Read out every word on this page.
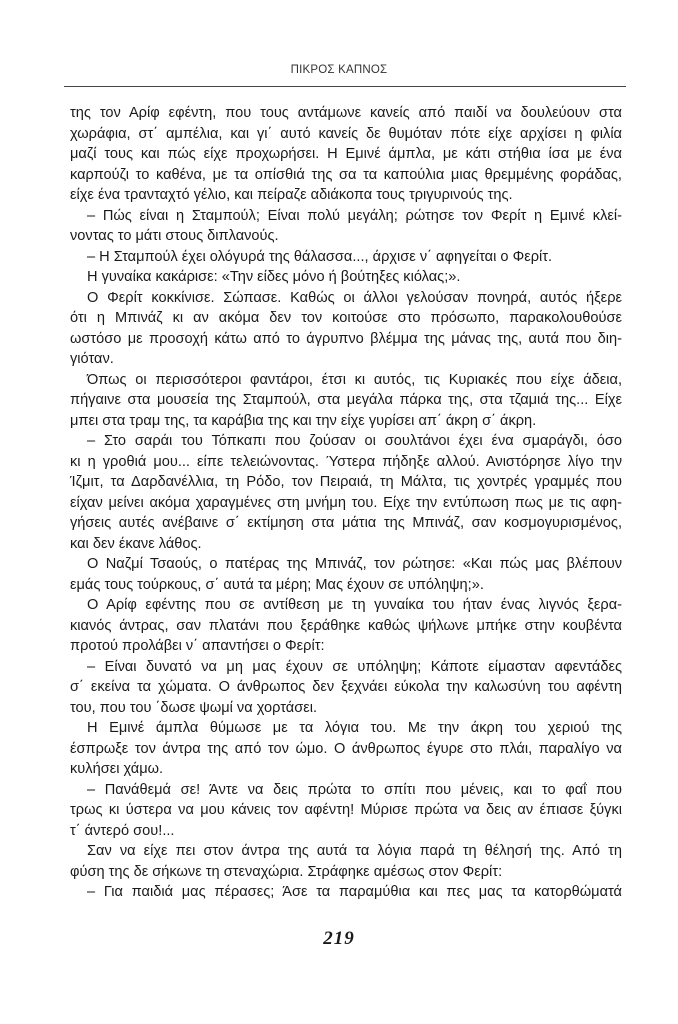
ΠΙΚΡΟΣ ΚΑΠΝΟΣ
της τον Αρίφ εφέντη, που τους αντάμωνε κανείς από παιδί να δουλεύουν στα
χωράφια, στ΄ αμπέλια, και γι΄ αυτό κανείς δε θυμόταν πότε είχε αρχίσει η φιλία
μαζί τους και πώς είχε προχωρήσει. Η Εμινέ άμπλα, με κάτι στήθια ίσα με ένα
καρπούζι το καθένα, με τα οπίσθιά της σα τα καπούλια μιας θρεμμένης φοράδας,
είχε ένα τρανταχτό γέλιο, και πείραζε αδιάκοπα τους τριγυρινούς της.
– Πώς είναι η Σταμπούλ; Είναι πολύ μεγάλη; ρώτησε τον Φερίτ η Εμινέ κλεί-
νοντας το μάτι στους διπλανούς.
– Η Σταμπούλ έχει ολόγυρά της θάλασσα..., άρχισε ν΄ αφηγείται ο Φερίτ.
Η γυναίκα κακάρισε: «Την είδες μόνο ή βούτηξες κιόλας;».
Ο Φερίτ κοκκίνισε. Σώπασε. Καθώς οι άλλοι γελούσαν πονηρά, αυτός ήξερε
ότι η Μπινάζ κι αν ακόμα δεν τον κοιτούσε στο πρόσωπο, παρακολουθούσε
ωστόσο με προσοχή κάτω από το άγρυπνο βλέμμα της μάνας της, αυτά που διη-
γιόταν.
Όπως οι περισσότεροι φαντάροι, έτσι κι αυτός, τις Κυριακές που είχε άδεια,
πήγαινε στα μουσεία της Σταμπούλ, στα μεγάλα πάρκα της, στα τζαμιά της... Είχε
μπει στα τραμ της, τα καράβια της και την είχε γυρίσει απ΄ άκρη σ΄ άκρη.
– Στο σαράι του Τόπκαπι που ζούσαν οι σουλτάνοι έχει ένα σμαράγδι, όσο
κι η γροθιά μου... είπε τελειώνοντας. Ύστερα πήδηξε αλλού. Ανιστόρησε λίγο την
Ίζμιτ, τα Δαρδανέλλια, τη Ρόδο, τον Πειραιά, τη Μάλτα, τις χοντρές γραμμές που
είχαν μείνει ακόμα χαραγμένες στη μνήμη του. Είχε την εντύπωση πως με τις αφη-
γήσεις αυτές ανέβαινε σ΄ εκτίμηση στα μάτια της Μπινάζ, σαν κοσμογυρισμένος,
και δεν έκανε λάθος.
Ο Ναζμί Τσαούς, ο πατέρας της Μπινάζ, τον ρώτησε: «Και πώς μας βλέπουν
εμάς τους τούρκους, σ΄ αυτά τα μέρη; Μας έχουν σε υπόληψη;».
Ο Αρίφ εφέντης που σε αντίθεση με τη γυναίκα του ήταν ένας λιγνός ξερα-
κιανός άντρας, σαν πλατάνι που ξεράθηκε καθώς ψήλωνε μπήκε στην κουβέντα
προτού προλάβει ν΄ απαντήσει ο Φερίτ:
– Είναι δυνατό να μη μας έχουν σε υπόληψη; Κάποτε είμασταν αφεντάδες
σ΄ εκείνα τα χώματα. Ο άνθρωπος δεν ξεχνάει εύκολα την καλωσύνη του αφέντη
του, που του ΄δωσε ψωμί να χορτάσει.
Η Εμινέ άμπλα θύμωσε με τα λόγια του. Με την άκρη του χεριού της
έσπρωξε τον άντρα της από τον ώμο. Ο άνθρωπος έγυρε στο πλάι, παραλίγο να
κυλήσει χάμω.
– Πανάθεμά σε! Άντε να δεις πρώτα το σπίτι που μένεις, και το φαΐ που
τρως κι ύστερα να μου κάνεις τον αφέντη! Μύρισε πρώτα να δεις αν έπιασε ξύγκι
τ΄ άντερό σου!...
Σαν να είχε πει στον άντρα της αυτά τα λόγια παρά τη θέλησή της. Από τη
φύση της δε σήκωνε τη στεναχώρια. Στράφηκε αμέσως στον Φερίτ:
– Για παιδιά μας πέρασες; Άσε τα παραμύθια και πες μας τα κατορθώματά
219
